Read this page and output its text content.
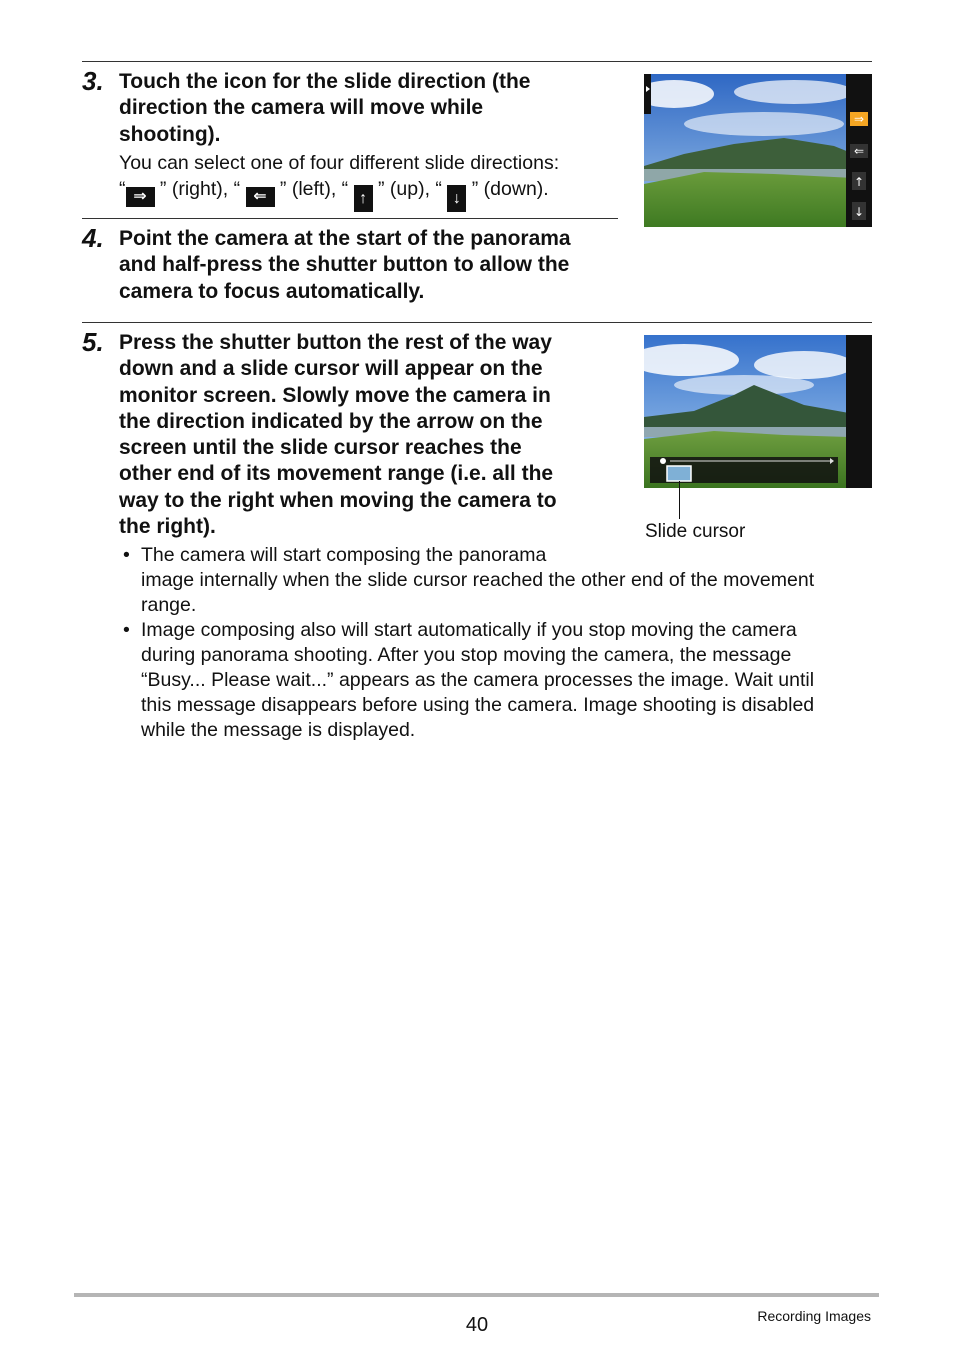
3. Touch the icon for the slide direction (the
direction the camera will move while
shooting).
You can select one of four different slide directions:
“ ⇒ ” (right), “ ⇐ ” (left), “ ↑ ” (up), “ ↓ ” (down).
⇒
⇐
↑
↓
4. Point the camera at the start of the panorama
and half-press the shutter button to allow the
camera to focus automatically.
5. Press the shutter button the rest of the way
down and a slide cursor will appear on the
monitor screen. Slowly move the camera in
the direction indicated by the arrow on the
screen until the slide cursor reaches the
other end of its movement range (i.e. all the
way to the right when moving the camera to
the right).	Slide cursor
• The camera will start composing the panorama
image internally when the slide cursor reached the other end of the movement
range.
• Image composing also will start automatically if you stop moving the camera
during panorama shooting. After you stop moving the camera, the message
“Busy... Please wait...” appears as the camera processes the image. Wait until
this message disappears before using the camera. Image shooting is disabled
while the message is displayed.
40	Recording Images
